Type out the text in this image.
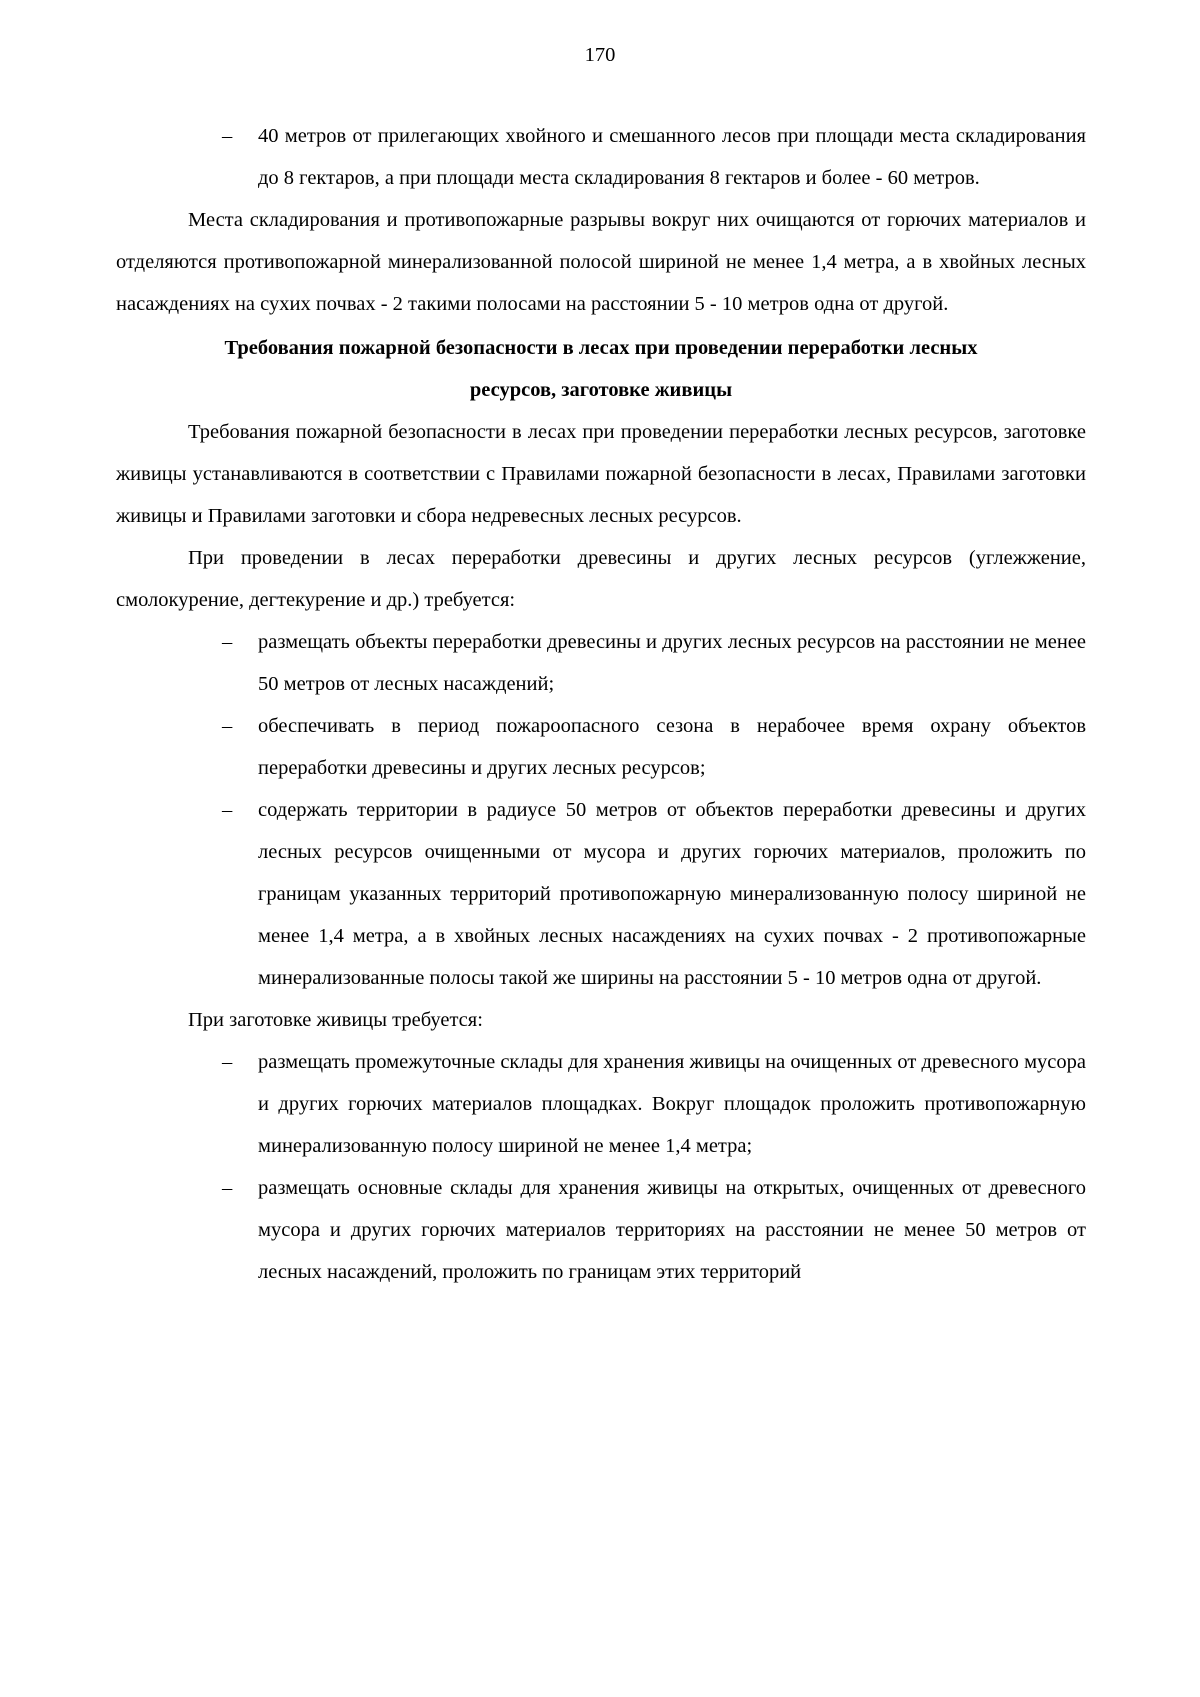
170
– 40 метров от прилегающих хвойного и смешанного лесов при площади места складирования до 8 гектаров, а при площади места складирования 8 гектаров и более - 60 метров.

Места складирования и противопожарные разрывы вокруг них очищаются от горючих материалов и отделяются противопожарной минерализованной полосой шириной не менее 1,4 метра, а в хвойных лесных насаждениях на сухих почвах - 2 такими полосами на расстоянии 5 - 10 метров одна от другой.

Требования пожарной безопасности в лесах при проведении переработки лесных
ресурсов, заготовке живицы

Требования пожарной безопасности в лесах при проведении переработки лесных ресурсов, заготовке живицы устанавливаются в соответствии с Правилами пожарной безопасности в лесах, Правилами заготовки живицы и Правилами заготовки и сбора недревесных лесных ресурсов.

При проведении в лесах переработки древесины и других лесных ресурсов (углежжение, смолокурение, дегтекурение и др.) требуется:

– размещать объекты переработки древесины и других лесных ресурсов на расстоянии не менее 50 метров от лесных насаждений;
– обеспечивать в период пожароопасного сезона в нерабочее время охрану объектов переработки древесины и других лесных ресурсов;
– содержать территории в радиусе 50 метров от объектов переработки древесины и других лесных ресурсов очищенными от мусора и других горючих материалов, проложить по границам указанных территорий противопожарную минерализованную полосу шириной не менее 1,4 метра, а в хвойных лесных насаждениях на сухих почвах - 2 противопожарные минерализованные полосы такой же ширины на расстоянии 5 - 10 метров одна от другой.

При заготовке живицы требуется:

– размещать промежуточные склады для хранения живицы на очищенных от древесного мусора и других горючих материалов площадках. Вокруг площадок проложить противопожарную минерализованную полосу шириной не менее 1,4 метра;
– размещать основные склады для хранения живицы на открытых, очищенных от древесного мусора и других горючих материалов территориях на расстоянии не менее 50 метров от лесных насаждений, проложить по границам этих территорий
